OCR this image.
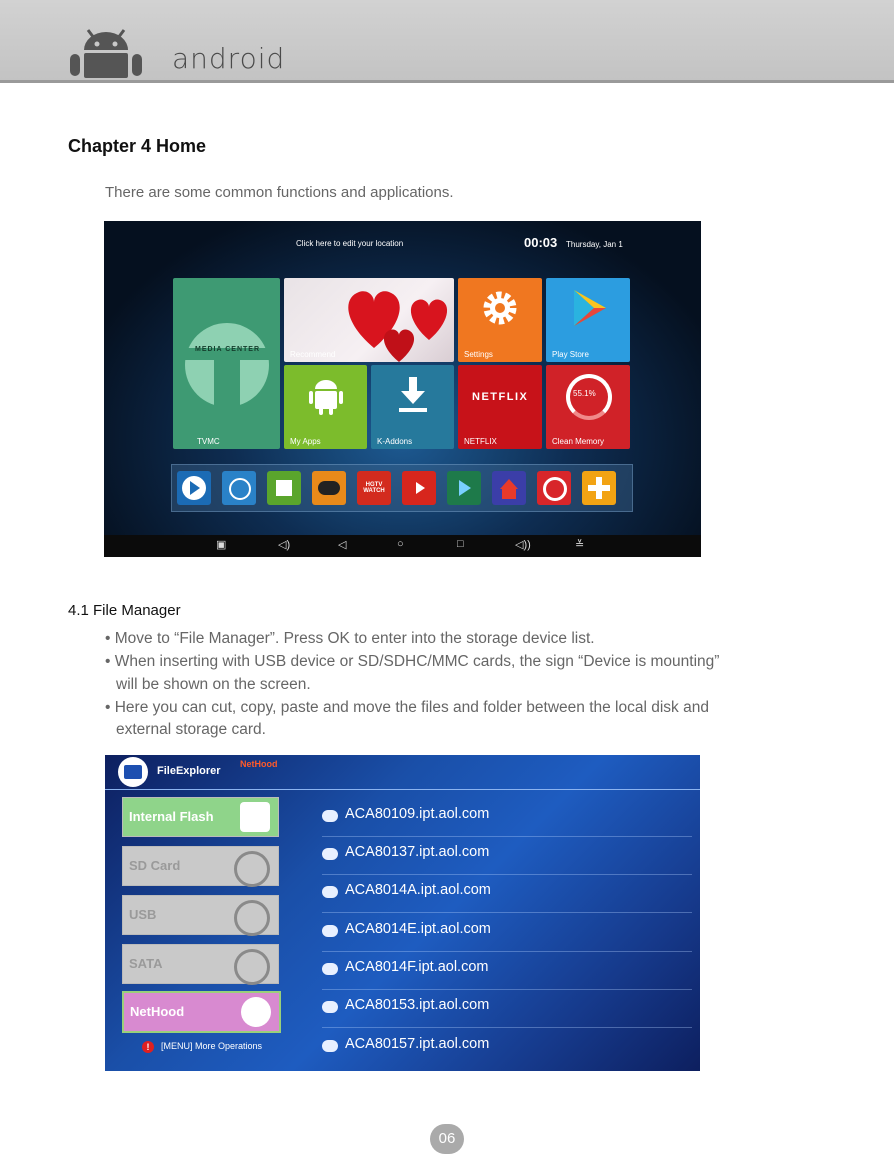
android
Chapter 4 Home
There are some common functions and applications.
Click here to edit your location	00:03 Thursday, Jan 1
MEDIA CENTER
TVMC
Recommend	Settings	Play Store
My Apps	K-Addons
NETFLIX
NETFLIX
55.1%
Clean Memory
HGTV WATCH
▣	◁)	◁	○	□	◁))	≚
4.1 File Manager
• Move to “File Manager”. Press OK to enter into the storage device list.
• When inserting with USB device or SD/SDHC/MMC cards, the sign “Device is mounting”
will be shown on the screen.
• Here you can cut, copy, paste and move the files and folder between the local disk and
external storage card.
FileExplorer
NetHood
Internal Flash
SD Card
USB
SATA
NetHood
!	[MENU] More Operations
ACA80109.ipt.aol.com
ACA80137.ipt.aol.com
ACA8014A.ipt.aol.com
ACA8014E.ipt.aol.com
ACA8014F.ipt.aol.com
ACA80153.ipt.aol.com
ACA80157.ipt.aol.com
06
